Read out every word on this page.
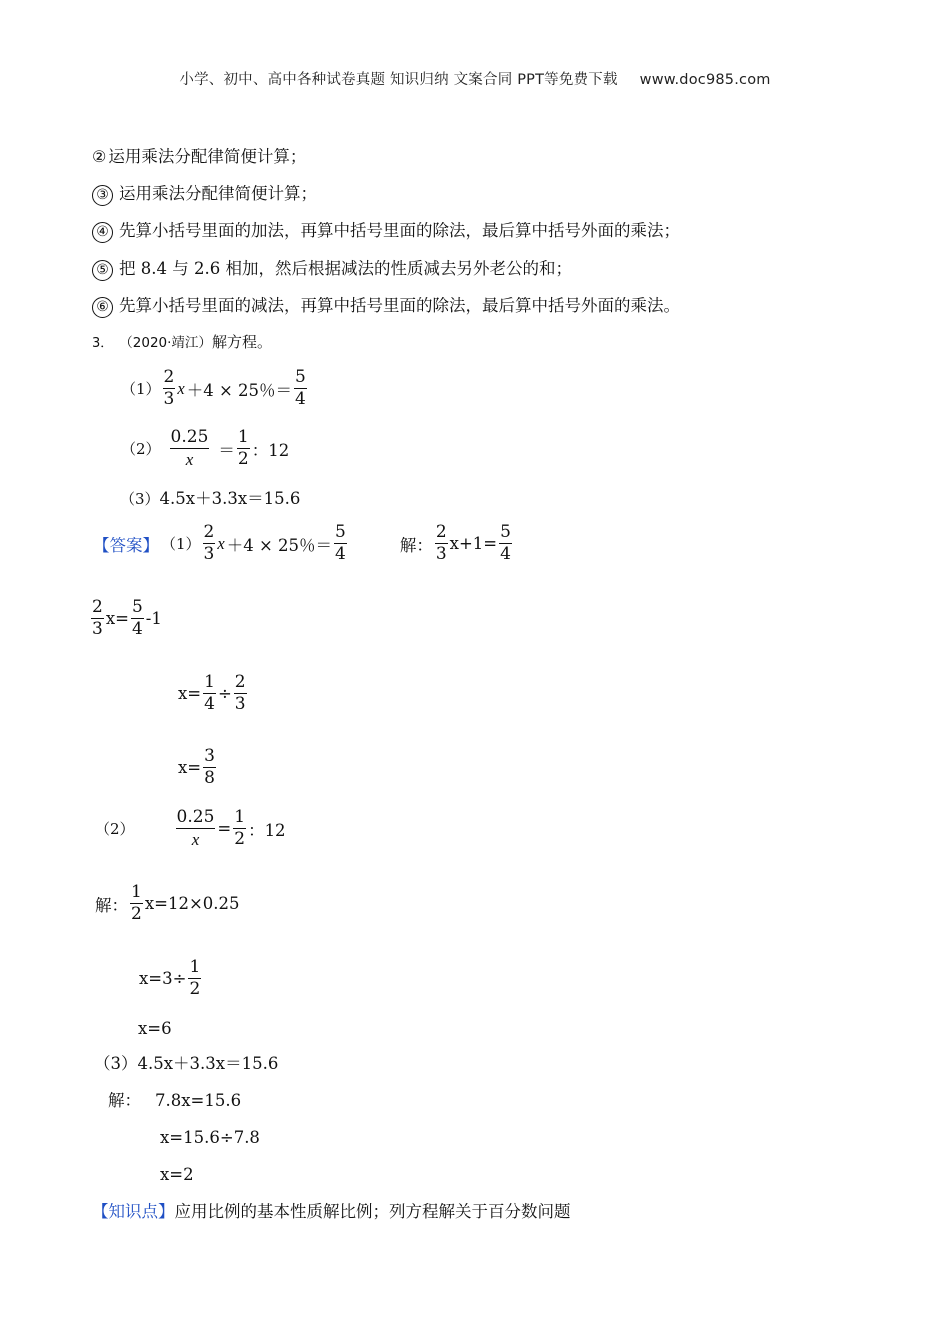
小学、初中、高中各种试卷真题 知识归纳 文案合同 PPT等免费下载 www.doc985.com
② 运用乘法分配律简便计算；
③ 运用乘法分配律简便计算；
④ 先算小括号里面的加法，再算中括号里面的除法，最后算中括号外面的乘法；
⑤ 把 8.4 与 2.6 相加，然后根据减法的性质减去另外老公的和；
⑥ 先算小括号里面的减法，再算中括号里面的除法，最后算中括号外面的乘法。
3． （2020·靖江）解方程。
$(1) \frac{2}{3}$ x ＋4 × 25％＝ $\frac{5}{4}$
$(2) \frac{0.25}{x} = \frac{1}{2}$ ：12
（3）4.5x＋3.3x＝15.6
【答案】 $(1) \frac{2}{3}$ x ＋4 × 25％＝ $\frac{5}{4}$	解： $\frac{2}{3} x+1= \frac{5}{4}$
$\frac{2}{3} x= \frac{5}{4} -1$
$x= \frac{1}{4} \div \frac{2}{3}$
$x= \frac{3}{8}$
$(2) \frac{0.25}{x} = \frac{1}{2}$ ：12
解： $\frac{1}{2} x=12\times 0.25$
$x=3\div \frac{1}{2}$
x=6
（3）4.5x＋3.3x＝15.6
解： 7.8x=15.6
x=15.6÷7.8
x=2
【知识点】应用比例的基本性质解比例；列方程解关于百分数问题
